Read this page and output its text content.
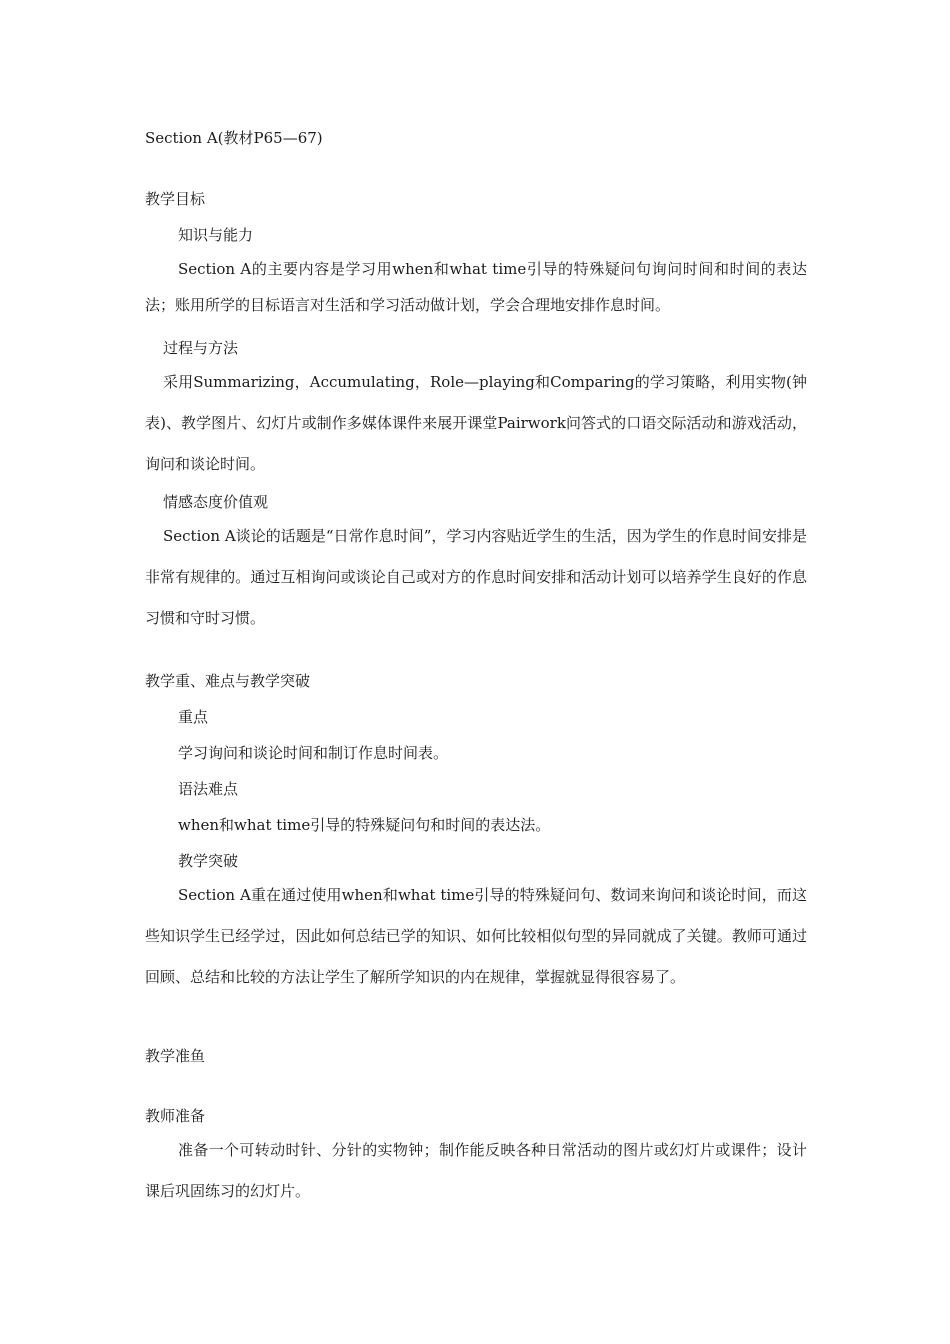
Section A(教材P65—67)
教学目标
知识与能力
Section A的主要内容是学习用when和what time引导的特殊疑问句询问时间和时间的表达法；账用所学的目标语言对生活和学习活动做计划，学会合理地安排作息时间。
过程与方法
采用Summarizing，Accumulating，Role—playing和Comparing的学习策略，利用实物(钟表)、教学图片、幻灯片或制作多媒体课件来展开课堂Pairwork问答式的口语交际活动和游戏活动，询问和谈论时间。
情感态度价值观
Section A谈论的话题是“日常作息时间”，学习内容贴近学生的生活，因为学生的作息时间安排是非常有规律的。通过互相询问或谈论自己或对方的作息时间安排和活动计划可以培养学生良好的作息习惯和守时习惯。
教学重、难点与教学突破
重点
学习询问和谈论时间和制订作息时间表。
语法难点
when和what time引导的特殊疑问句和时间的表达法。
教学突破
Section A重在通过使用when和what time引导的特殊疑问句、数词来询问和谈论时间，而这些知识学生已经学过，因此如何总结已学的知识、如何比较相似句型的异同就成了关键。教师可通过回顾、总结和比较的方法让学生了解所学知识的内在规律，掌握就显得很容易了。
教学准鱼
教师准备
准备一个可转动时针、分针的实物钟；制作能反映各种日常活动的图片或幻灯片或课件；设计课后巩固练习的幻灯片。
